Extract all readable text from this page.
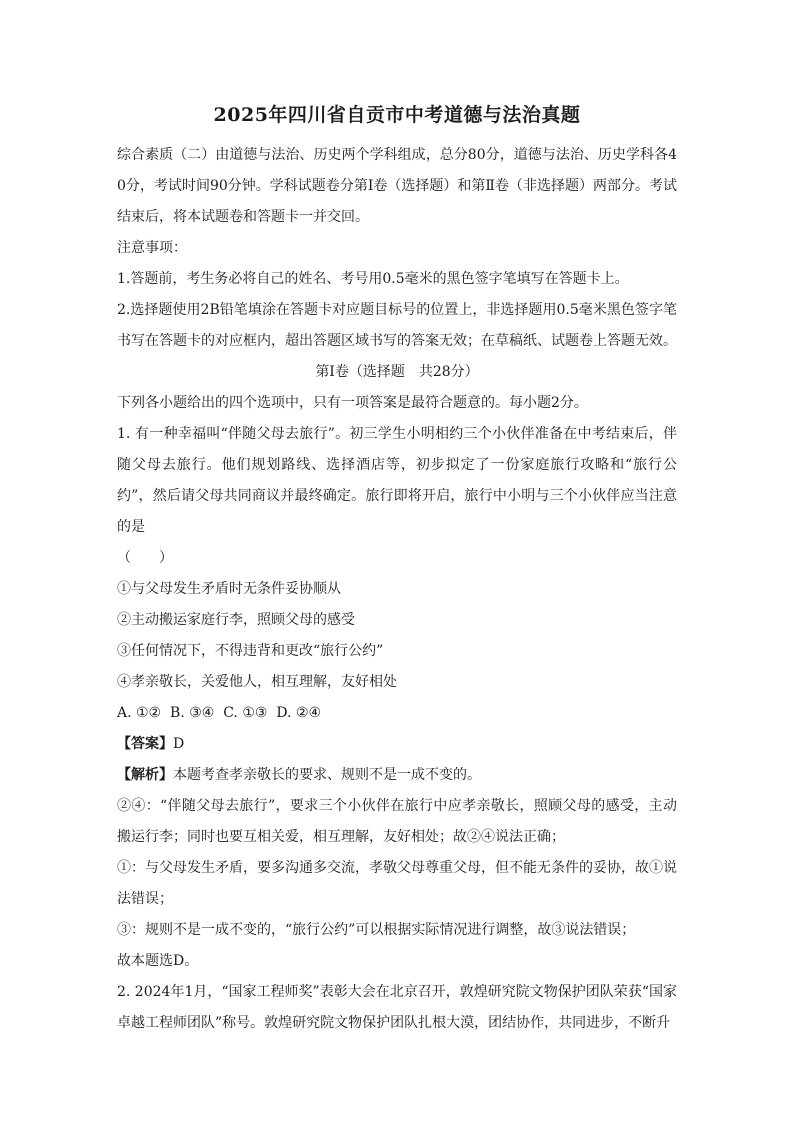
2025年四川省自贡市中考道德与法治真题

综合素质（二）由道德与法治、历史两个学科组成，总分80分，道德与法治、历史学科各40分，考试时间90分钟。学科试题卷分第Ⅰ卷（选择题）和第Ⅱ卷（非选择题）两部分。考试结束后，将本试题卷和答题卡一并交回。

注意事项：

1.答题前，考生务必将自己的姓名、考号用0.5毫米的黑色签字笔填写在答题卡上。

2.选择题使用2B铅笔填涂在答题卡对应题目标号的位置上，非选择题用0.5毫米黑色签字笔书写在答题卡的对应框内，超出答题区域书写的答案无效；在草稿纸、试题卷上答题无效。

第Ⅰ卷（选择题　共28分）

下列各小题给出的四个选项中，只有一项答案是最符合题意的。每小题2分。

1. 有一种幸福叫“伴随父母去旅行”。初三学生小明相约三个小伙伴准备在中考结束后，伴随父母去旅行。他们规划路线、选择酒店等，初步拟定了一份家庭旅行攻略和“旅行公约”，然后请父母共同商议并最终确定。旅行即将开启，旅行中小明与三个小伙伴应当注意的是

（　　）

①与父母发生矛盾时无条件妥协顺从

②主动搬运家庭行李，照顾父母的感受

③任何情况下，不得违背和更改“旅行公约”

④孝亲敬长，关爱他人，相互理解，友好相处

A. ①②  B. ③④  C. ①③  D. ②④

【答案】D

【解析】本题考查孝亲敬长的要求、规则不是一成不变的。

②④：“伴随父母去旅行”，要求三个小伙伴在旅行中应孝亲敬长，照顾父母的感受，主动搬运行李；同时也要互相关爱，相互理解，友好相处；故②④说法正确；

①：与父母发生矛盾，要多沟通多交流，孝敬父母尊重父母，但不能无条件的妥协，故①说法错误；

③：规则不是一成不变的，“旅行公约”可以根据实际情况进行调整，故③说法错误；

故本题选D。

2. 2024年1月，“国家工程师奖”表彰大会在北京召开，敦煌研究院文物保护团队荣获“国家卓越工程师团队”称号。敦煌研究院文物保护团队扎根大漠，团结协作，共同进步，不断升
